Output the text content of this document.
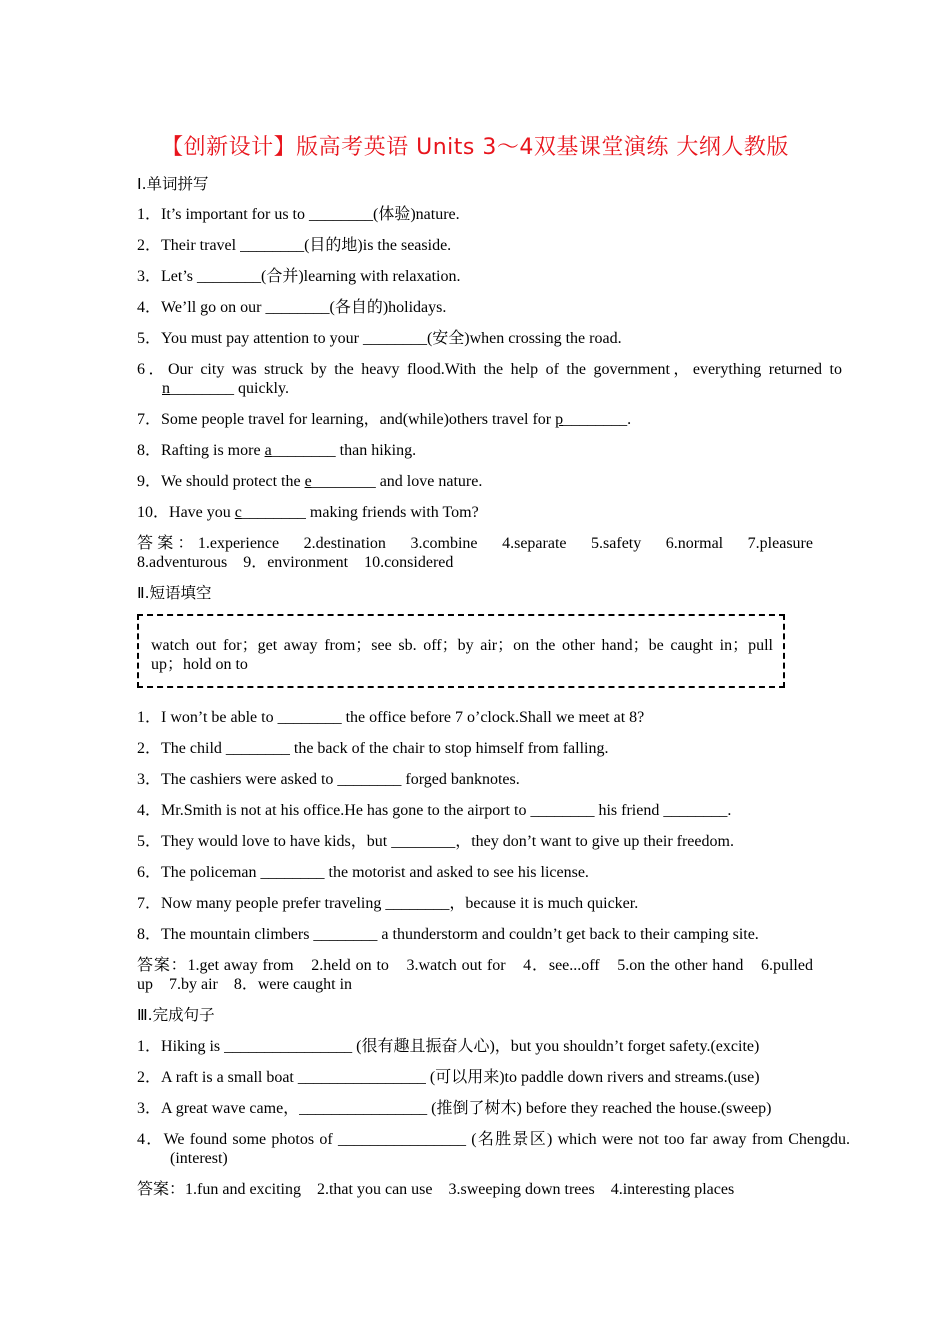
【创新设计】版高考英语 Units 3～4双基课堂演练 大纲人教版
Ⅰ.单词拼写
1．It’s important for us to ________(体验)nature.
2．Their travel ________(目的地)is the seaside.
3．Let’s ________(合并)learning with relaxation.
4．We’ll go on our ________(各自的)holidays.
5．You must pay attention to your ________(安全)when crossing the road.
6．Our city was struck by the heavy flood.With the help of the government，everything returned to n________ quickly.
7．Some people travel for learning，and(while)others travel for p________.
8．Rafting is more a________ than hiking.
9．We should protect the e________ and love nature.
10．Have you c________ making friends with Tom?
答案：1.experience　2.destination　3.combine　4.separate　5.safety　6.normal　7.pleasure　8.adventurous　9．environment　10.considered
Ⅱ.短语填空
watch out for；get away from；see sb. off；by air；on the other hand；be caught in；pull up；hold on to
1．I won’t be able to ________ the office before 7 o’clock.Shall we meet at 8?
2．The child ________ the back of the chair to stop himself from falling.
3．The cashiers were asked to ________ forged banknotes.
4．Mr.Smith is not at his office.He has gone to the airport to ________ his friend ________.
5．They would love to have kids，but ________，they don’t want to give up their freedom.
6．The policeman ________ the motorist and asked to see his license.
7．Now many people prefer traveling ________，because it is much quicker.
8．The mountain climbers ________ a thunderstorm and couldn’t get back to their camping site.
答案：1.get away from　2.held on to　3.watch out for　4．see...off　5.on the other hand　6.pulled up　7.by air　8．were caught in
Ⅲ.完成句子
1．Hiking is ________________ (很有趣且振奋人心)，but you shouldn’t forget safety.(excite)
2．A raft is a small boat ________________ (可以用来)to paddle down rivers and streams.(use)
3．A great wave came，________________ (推倒了树木) before they reached the house.(sweep)
4．We found some photos of ________________ (名胜景区) which were not too far away from Chengdu.(interest)
答案：1.fun and exciting　2.that you can use　3.sweeping down trees　4.interesting places
